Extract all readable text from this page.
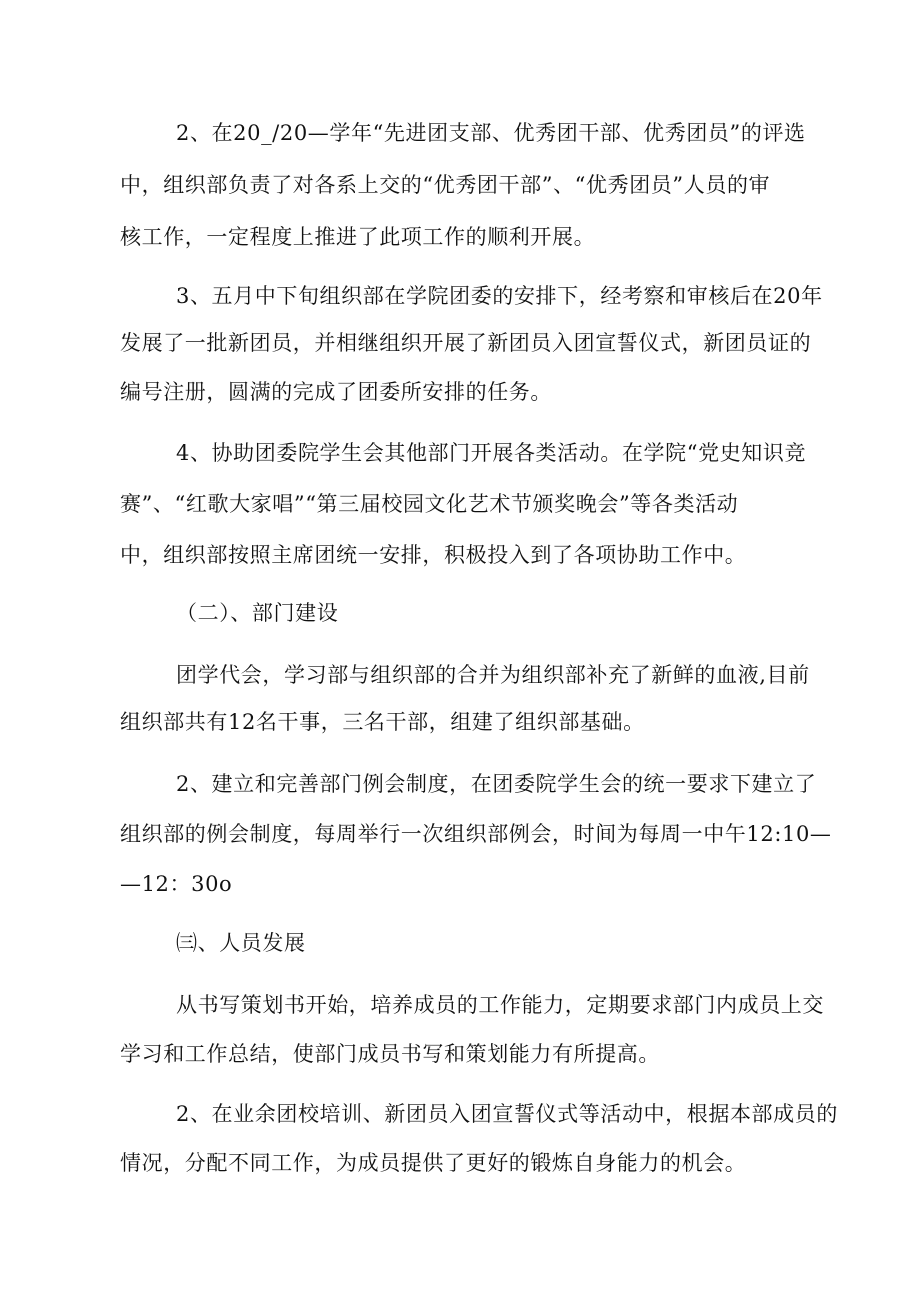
2、在20_/20—学年“先进团支部、优秀团干部、优秀团员”的评选
中，组织部负责了对各系上交的“优秀团干部”、“优秀团员”人员的审
核工作，一定程度上推进了此项工作的顺利开展。
3、五月中下旬组织部在学院团委的安排下，经考察和审核后在20年
发展了一批新团员，并相继组织开展了新团员入团宣誓仪式，新团员证的
编号注册，圆满的完成了团委所安排的任务。
4、协助团委院学生会其他部门开展各类活动。在学院“党史知识竞
赛”、“红歌大家唱”“第三届校园文化艺术节颁奖晚会”等各类活动
中，组织部按照主席团统一安排，积极投入到了各项协助工作中。
（二）、部门建设
团学代会，学习部与组织部的合并为组织部补充了新鲜的血液,目前
组织部共有12名干事，三名干部，组建了组织部基础。
2、建立和完善部门例会制度，在团委院学生会的统一要求下建立了
组织部的例会制度，每周举行一次组织部例会，时间为每周一中午12:10—
—12：30o
㈢、人员发展
从书写策划书开始，培养成员的工作能力，定期要求部门内成员上交
学习和工作总结，使部门成员书写和策划能力有所提高。
2、在业余团校培训、新团员入团宣誓仪式等活动中，根据本部成员的
情况，分配不同工作，为成员提供了更好的锻炼自身能力的机会。
